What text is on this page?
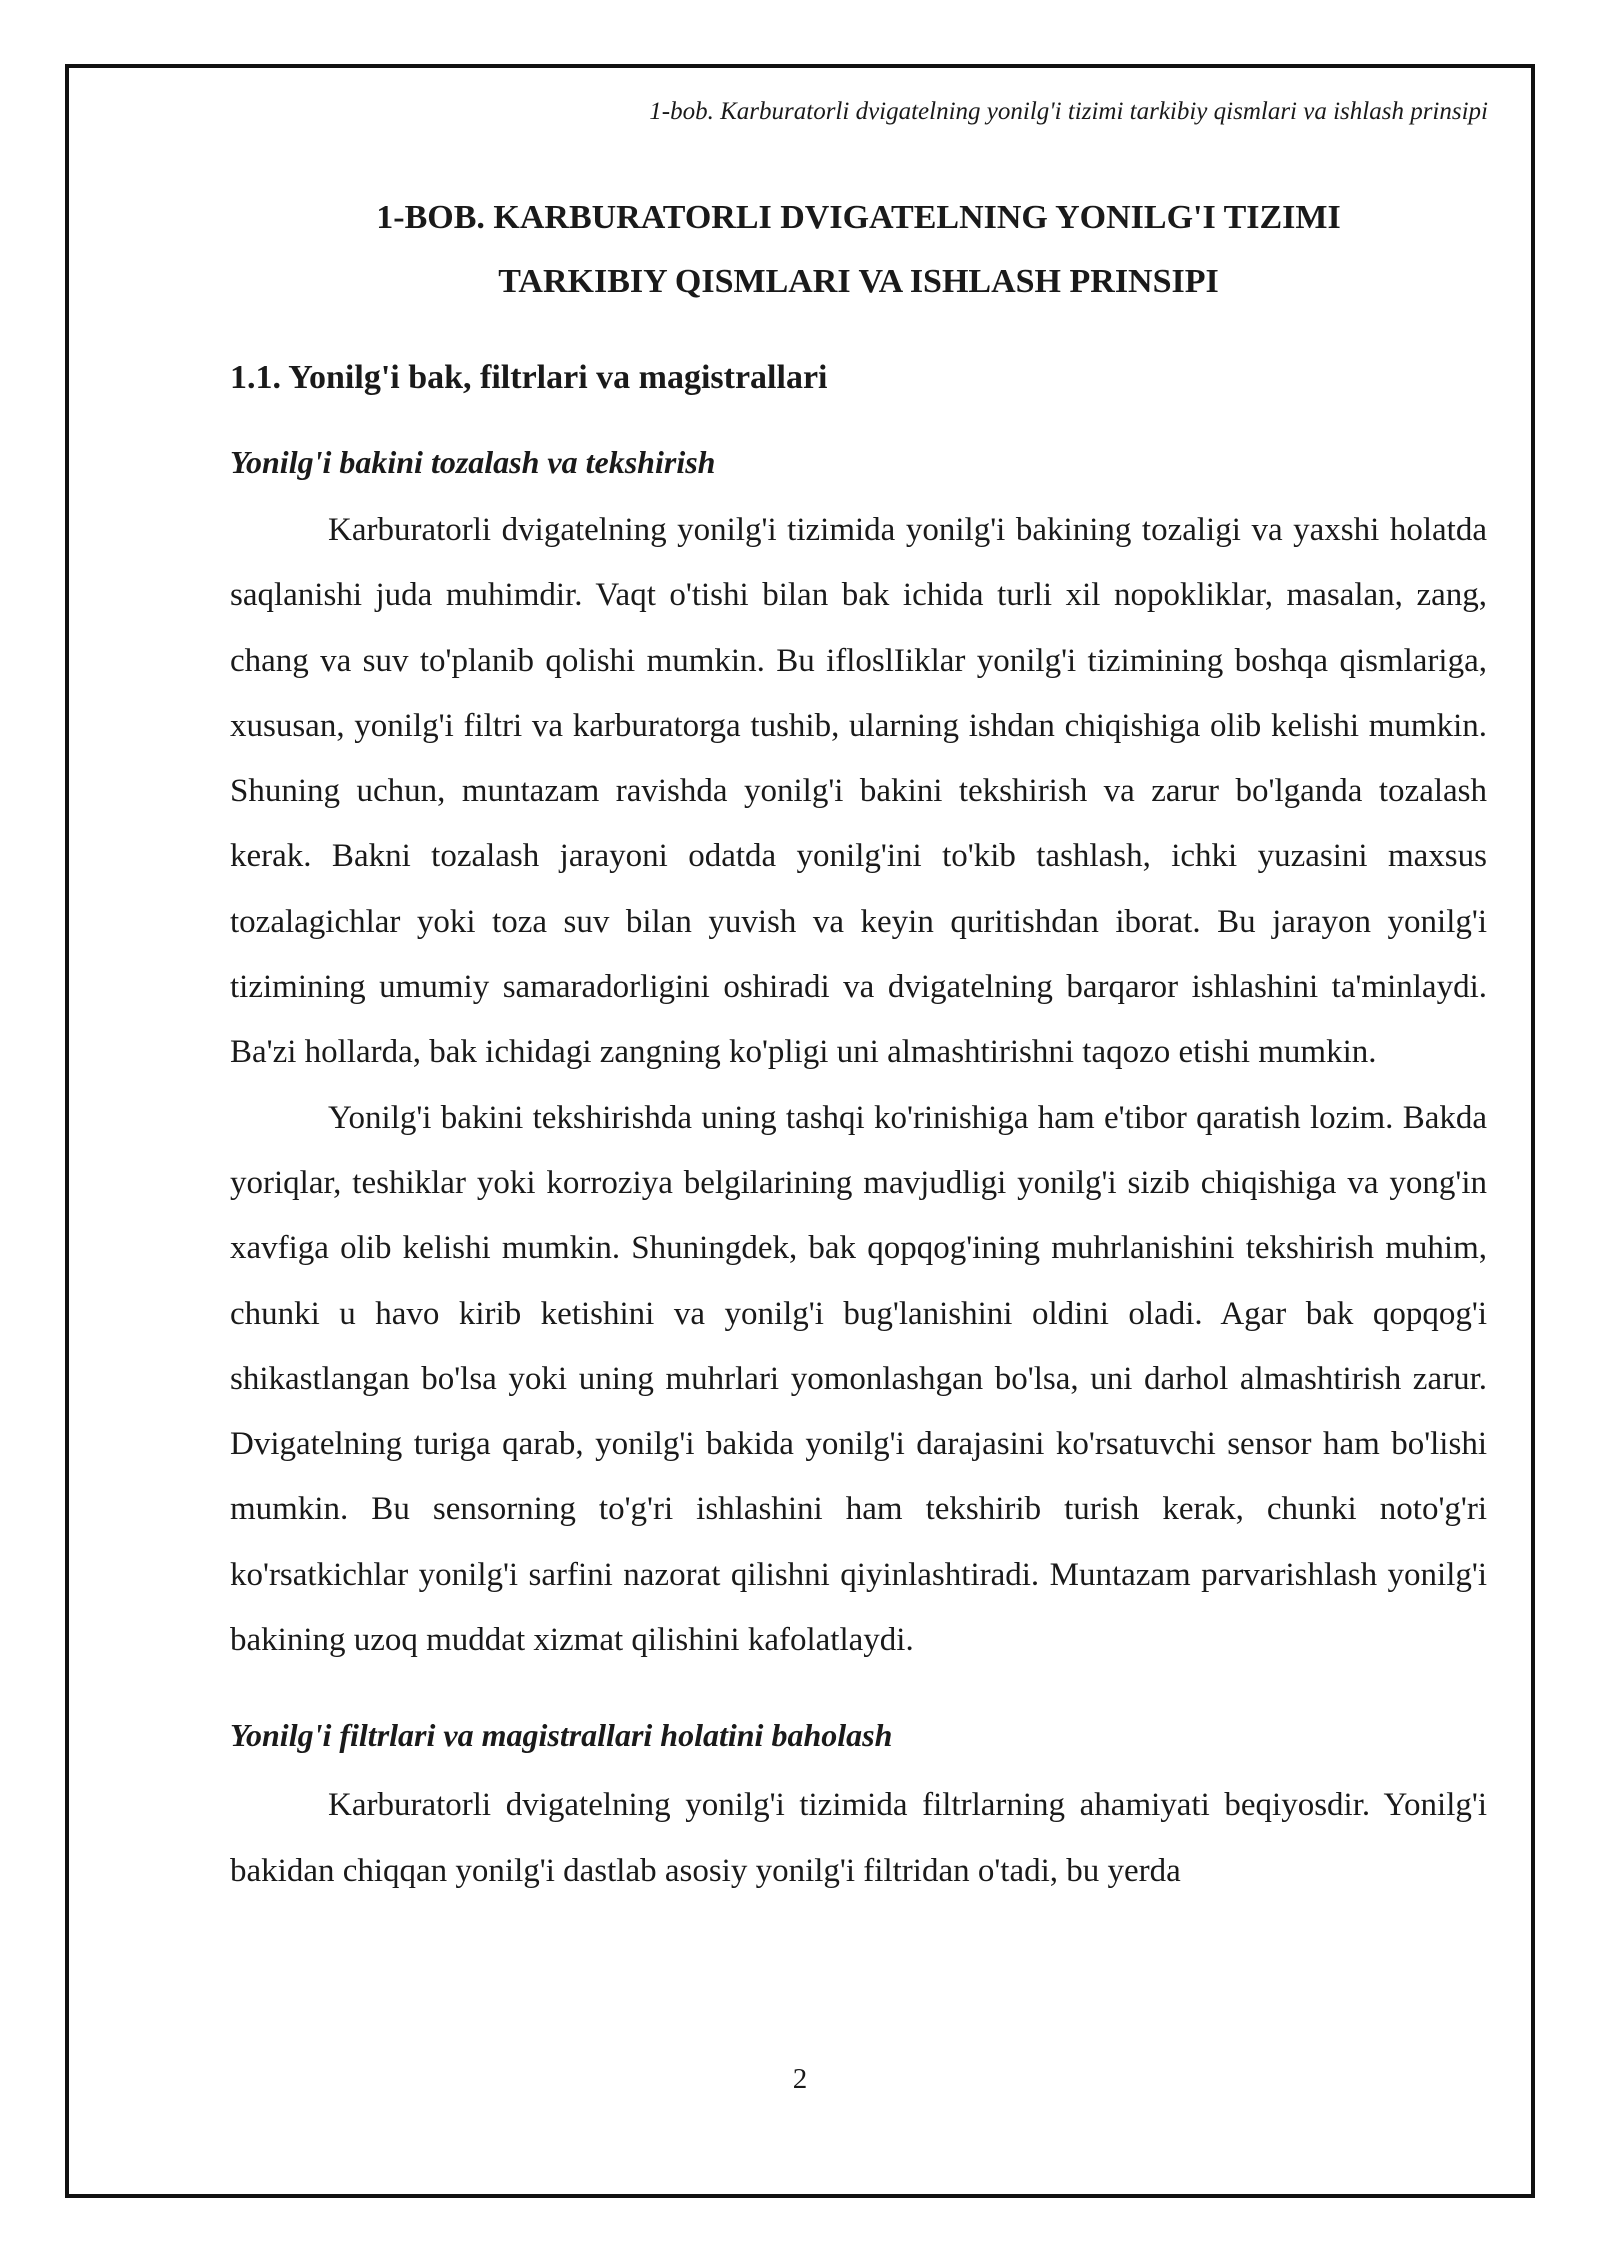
1-bob. Karburatorli dvigatelning yonilg'i tizimi tarkibiy qismlari va ishlash prinsipi
1-BOB. KARBURATORLI DVIGATELNING YONILG'I TIZIMI
TARKIBIY QISMLARI VA ISHLASH PRINSIPI
1.1. Yonilg'i bak, filtrlari va magistrallari
Yonilg'i bakini tozalash va tekshirish

Karburatorli dvigatelning yonilg'i tizimida yonilg'i bakining tozaligi va yaxshi holatda saqlanishi juda muhimdir. Vaqt o'tishi bilan bak ichida turli xil nopokliklar, masalan, zang, chang va suv to'planib qolishi mumkin. Bu ifloslIiklar yonilg'i tizimining boshqa qismlariga, xususan, yonilg'i filtri va karburatorga tushib, ularning ishdan chiqishiga olib kelishi mumkin. Shuning uchun, muntazam ravishda yonilg'i bakini tekshirish va zarur bo'lganda tozalash kerak. Bakni tozalash jarayoni odatda yonilg'ini to'kib tashlash, ichki yuzasini maxsus tozalagichlar yoki toza suv bilan yuvish va keyin quritishdan iborat. Bu jarayon yonilg'i tizimining umumiy samaradorligini oshiradi va dvigatelning barqaror ishlashini ta'minlaydi. Ba'zi hollarda, bak ichidagi zangning ko'pligi uni almashtirishni taqozo etishi mumkin.

Yonilg'i bakini tekshirishda uning tashqi ko'rinishiga ham e'tibor qaratish lozim. Bakda yoriqlar, teshiklar yoki korroziya belgilarining mavjudligi yonilg'i sizib chiqishiga va yong'in xavfiga olib kelishi mumkin. Shuningdek, bak qopqog'ining muhrlanishini tekshirish muhim, chunki u havo kirib ketishini va yonilg'i bug'lanishini oldini oladi. Agar bak qopqog'i shikastlangan bo'lsa yoki uning muhrlari yomonlashgan bo'lsa, uni darhol almashtirish zarur. Dvigatelning turiga qarab, yonilg'i bakida yonilg'i darajasini ko'rsatuvchi sensor ham bo'lishi mumkin. Bu sensorning to'g'ri ishlashini ham tekshirib turish kerak, chunki noto'g'ri ko'rsatkichlar yonilg'i sarfini nazorat qilishni qiyinlashtiradi. Muntazam parvarishlash yonilg'i bakining uzoq muddat xizmat qilishini kafolatlaydi.

Yonilg'i filtrlari va magistrallari holatini baholash

Karburatorli dvigatelning yonilg'i tizimida filtrlarning ahamiyati beqiyosdir. Yonilg'i bakidan chiqqan yonilg'i dastlab asosiy yonilg'i filtridan o'tadi, bu yerda

2
